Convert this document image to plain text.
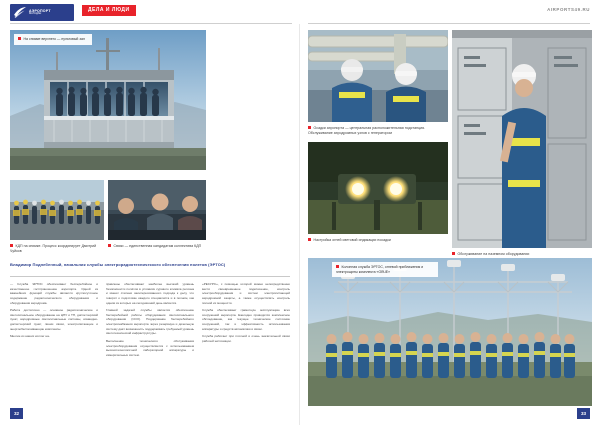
АЭРОПОРТ
МАГАДАН
ДЕЛА И ЛЮДИ
На снимке верхнего — пультовый зал
КДП на снимке. Процесс координирует Дмитрий Чуйков
Связи — единственная кандидатам коллектива КДП
Владимир Поднебенный, начальник службы электрорадиотехнического обеспечения полетов (ЭРТОС)

— Служба ЭРТОС обеспечивает бесперебойное и качественное гостприношение аэропорта. Одной из важнейших функций службы является круглосуточное содержание радиотехнического оборудования и оборудования аэродрома.

Работа достаточно — основное радиотехническое и светосигнальное оборудование на ЦПУ и ТП, диспетчерский пункт, аэродромные светосигнальные системы, командно-диспетчерский пункт, линии связи, электропитающие и энергообеспечивающие комплексы.

Многие из наших коллег на-

правлены обеспечивают наиболее высокий уровень безопасности полётов в условиях сурового климата региона и имеют степени заинтересованного подхода к делу, что говорит о подготовке каждого специалиста и в полном, как одним из которых на сегодняшний день является.

Главной задачей службы является обеспечение бесперебойной работы оборудования светосигнального оборудования (ССО). Поддержание бесперебойного электроснабжения аэропорта через резервную и дизельную систему даёт возможность поддерживать требуемый уровень светотехнической инфраструктуры.

Выполнение технического обслуживания электрооборудования осуществляется с использованием высокотехнологичной лабораторной аппаратуры и измерительных систем.

«РЕСУРС», с помощью которой можно непосредственно вести своевременное подключение, контроль электрооборудования и систем электропитающей аэродромной защиты, а также осуществлять контроль полной их мощности.

Служба обеспечивает грамотную эксплуатацию всех сооружений аэропорта. Ежегодно проводится комплексное обследование, как текущее техническое состояние сооружений, так и эффективность использования аппаратуры и средств автоматики и связи.

Служба работает при плотной и очень значительной связи рабочей экспозиции.

32
AIRPORTS49.RU
Осадки аэропорта — центральная расположительная подстанция. Обслуживание аэродромных узлов с генератором
Настройка огней световой индикации посадки
Обслуживание на наземном оборудовании
Колонная служба ЭРТОС, огневой приближения и электрощиты комплекта «ОВЧЕ»
33
